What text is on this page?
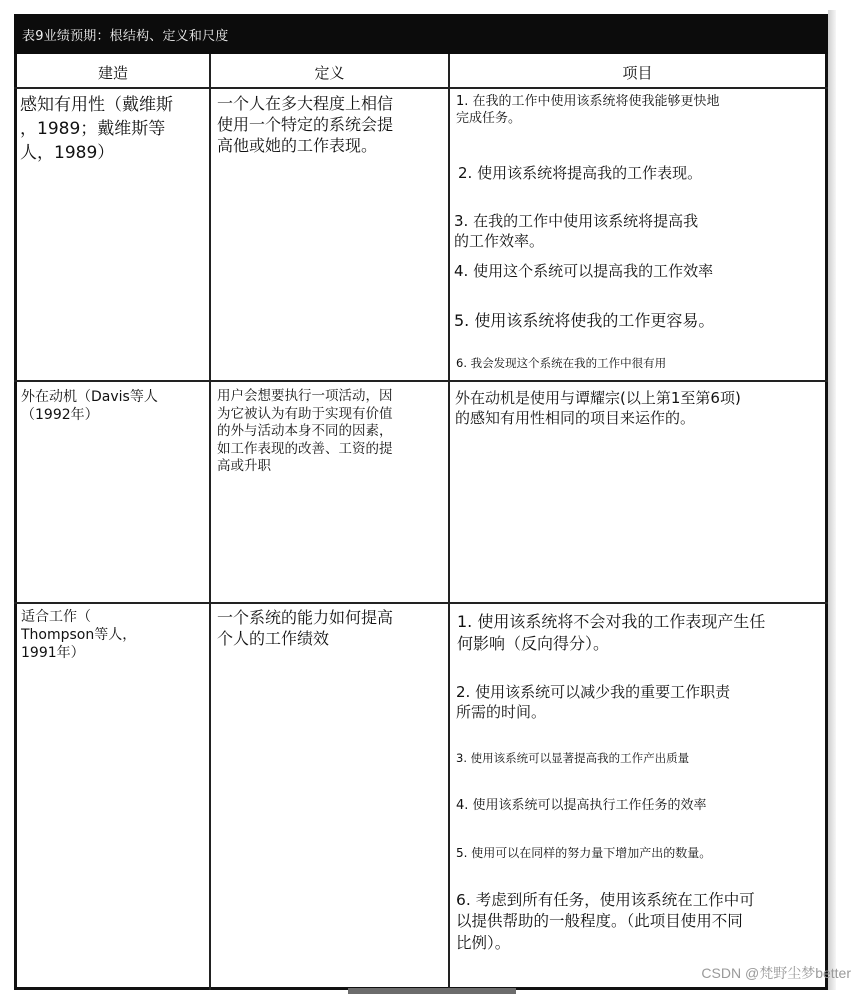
表9业绩预期：根结构、定义和尺度
建造	定义	项目
感知有用性（戴维斯
，1989；戴维斯等
人，1989）
一个人在多大程度上相信
使用一个特定的系统会提
高他或她的工作表现。
1. 在我的工作中使用该系统将使我能够更快地
完成任务。
2. 使用该系统将提高我的工作表现。
3. 在我的工作中使用该系统将提高我
的工作效率。
4. 使用这个系统可以提高我的工作效率
5. 使用该系统将使我的工作更容易。
6. 我会发现这个系统在我的工作中很有用
外在动机（Davis等人
（1992年）
用户会想要执行一项活动，因
为它被认为有助于实现有价值
的外与活动本身不同的因素，
如工作表现的改善、工资的提
高或升职
外在动机是使用与谭耀宗(以上第1至第6项)
的感知有用性相同的项目来运作的。
适合工作（
Thompson等人，
1991年）
一个系统的能力如何提高
个人的工作绩效
1. 使用该系统将不会对我的工作表现产生任
何影响（反向得分）。
2. 使用该系统可以减少我的重要工作职责
所需的时间。
3. 使用该系统可以显著提高我的工作产出质量
4. 使用该系统可以提高执行工作任务的效率
5. 使用可以在同样的努力量下增加产出的数量。
6. 考虑到所有任务，使用该系统在工作中可
以提供帮助的一般程度。（此项目使用不同
比例）。
CSDN @梵野尘梦better
